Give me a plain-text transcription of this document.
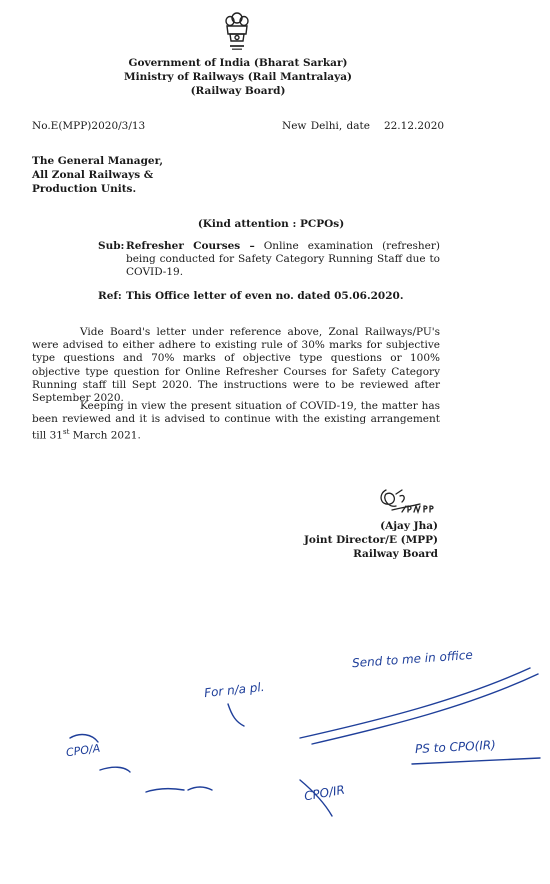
Government of India (Bharat Sarkar)
Ministry of Railways (Rail Mantralaya)
(Railway Board)
No.E(MPP)2020/3/13	New Delhi, date 22.12.2020
The General Manager,
All Zonal Railways &
Production Units.
(Kind attention : PCPOs)
Sub: Refresher Courses – Online examination (refresher) being conducted for Safety Category Running Staff due to COVID-19.
Ref: This Office letter of even no. dated 05.06.2020.
Vide Board's letter under reference above, Zonal Railways/PU's were advised to either adhere to existing rule of 30% marks for subjective type questions and 70% marks of objective type questions or 100% objective type question for Online Refresher Courses for Safety Category Running staff till Sept 2020. The instructions were to be reviewed after September 2020.
Keeping in view the present situation of COVID-19, the matter has been reviewed and it is advised to continue with the existing arrangement till 31st March 2021.
(Ajay Jha)
Joint Director/E (MPP)
Railway Board
Send to me in office
For n/a pl.
PS to CPO(IR)
CPO/A
CPO/IR
